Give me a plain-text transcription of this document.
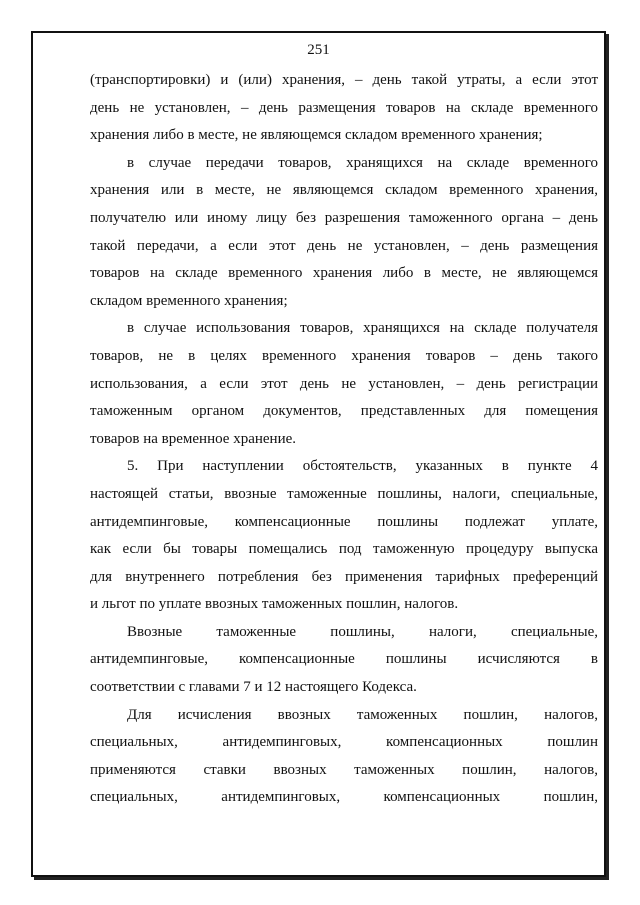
251
(транспортировки) и (или) хранения, – день такой утраты, а если этот
день не установлен, – день размещения товаров на складе временного
хранения либо в месте, не являющемся складом временного хранения;
в случае передачи товаров, хранящихся на складе временного
хранения или в месте, не являющемся складом временного хранения,
получателю или иному лицу без разрешения таможенного органа – день
такой передачи, а если этот день не установлен, – день размещения
товаров на складе временного хранения либо в месте, не являющемся
складом временного хранения;
в случае использования товаров, хранящихся на складе получателя
товаров, не в целях временного хранения товаров – день такого
использования, а если этот день не установлен, – день регистрации
таможенным органом документов, представленных для помещения
товаров на временное хранение.
5. При наступлении обстоятельств, указанных в пункте 4
настоящей статьи, ввозные таможенные пошлины, налоги, специальные,
антидемпинговые, компенсационные пошлины подлежат уплате,
как если бы товары помещались под таможенную процедуру выпуска
для внутреннего потребления без применения тарифных преференций
и льгот по уплате ввозных таможенных пошлин, налогов.
Ввозные таможенные пошлины, налоги, специальные,
антидемпинговые, компенсационные пошлины исчисляются в
соответствии с главами 7 и 12 настоящего Кодекса.
Для исчисления ввозных таможенных пошлин, налогов,
специальных, антидемпинговых, компенсационных пошлин
применяются ставки ввозных таможенных пошлин, налогов,
специальных, антидемпинговых, компенсационных пошлин,
